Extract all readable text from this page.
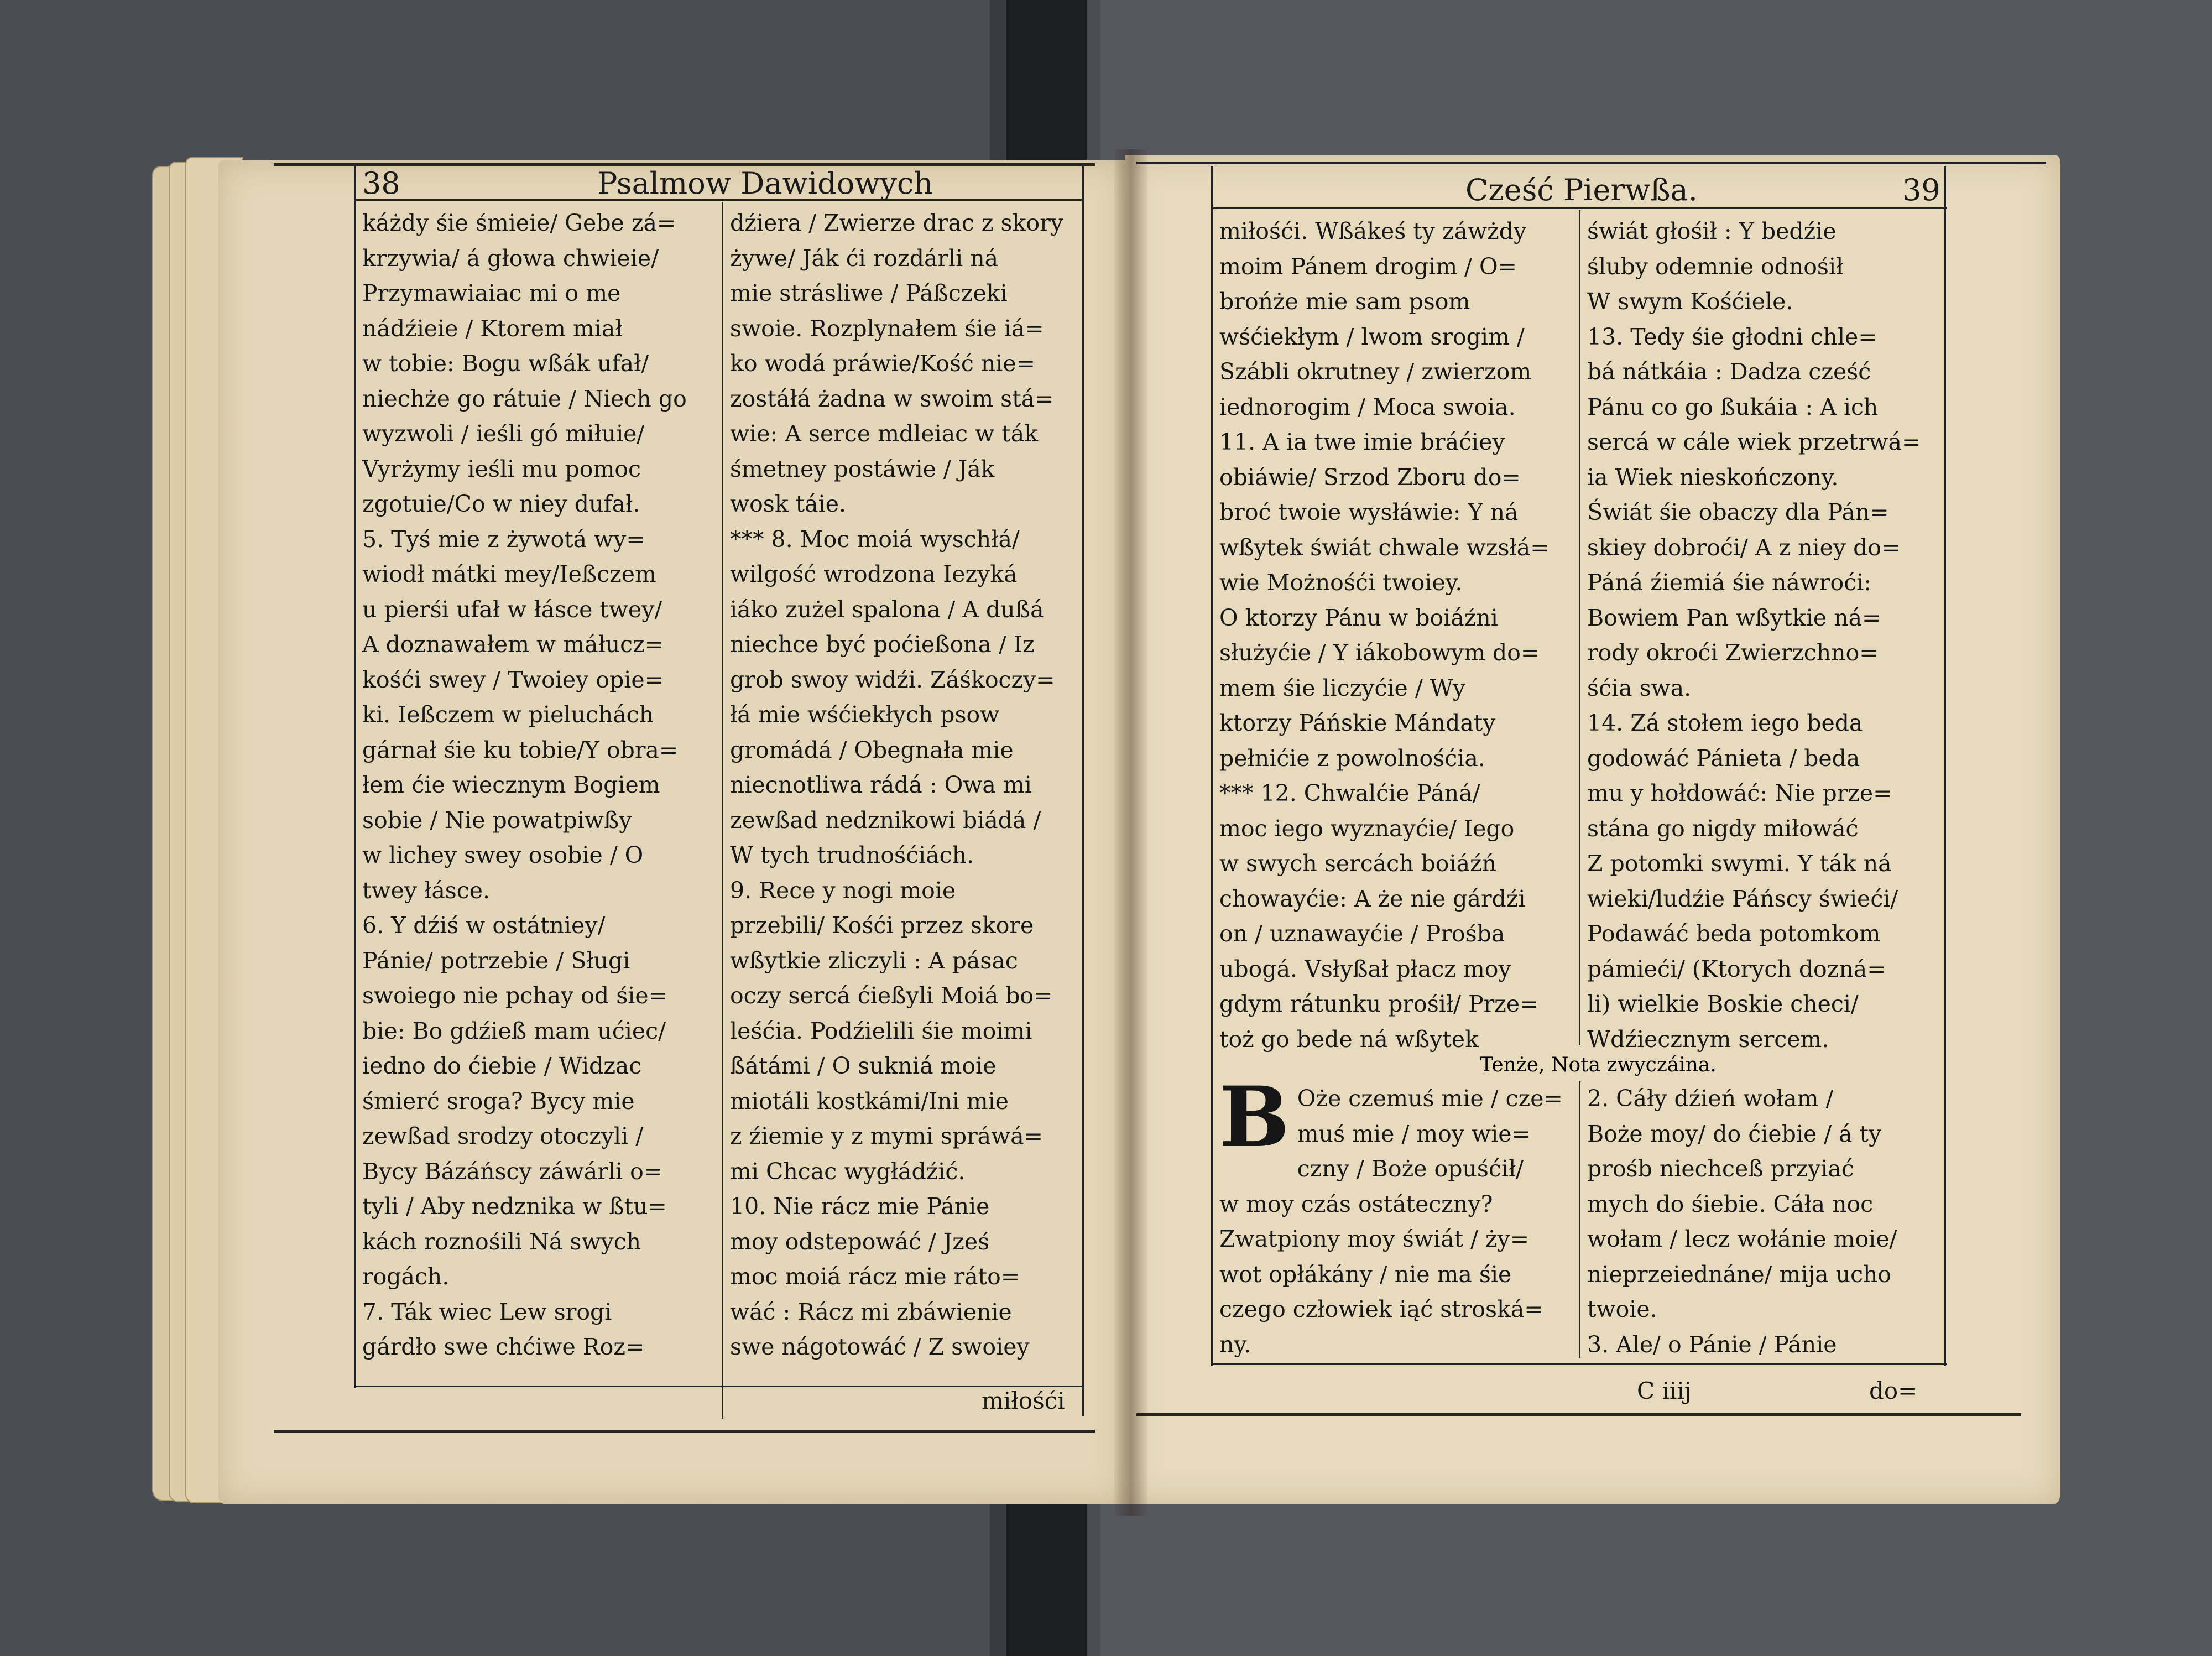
38	Psalmow Dawidowych
káżdy śie śmieie/ Gebe zá=
krzywia/ á głowa chwieie/
Przymawiaiac mi o me
nádźieie / Ktorem miał
w tobie: Bogu wßák ufał/
niechże go rátuie / Niech go
wyzwoli / ieśli gó miłuie/
Vyrżymy ieśli mu pomoc
zgotuie/Co w niey dufał.
5. Tyś mie z żywotá wy=
wiodł mátki mey/Ießczem
u pierśi ufał w łásce twey/
A doznawałem w máłucz=
kośći swey / Twoiey opie=
ki. Ießczem w pieluchách
gárnał śie ku tobie/Y obra=
łem ćie wiecznym Bogiem
sobie / Nie powatpiwßy
w lichey swey osobie / O
twey łásce.
6. Y dźiś w ostátniey/
Pánie/ potrzebie / Sługi
swoiego nie pchay od śie=
bie: Bo gdźieß mam ućiec/
iedno do ćiebie / Widzac
śmierć sroga? Bycy mie
zewßad srodzy otoczyli /
Bycy Bázáńscy záwárli o=
tyli / Aby nedznika w ßtu=
kách roznośili Ná swych
rogách.
7. Ták wiec Lew srogi
gárdło swe chćiwe Roz=
dźiera / Zwierze drac z skory
żywe/ Ják ći rozdárli ná
mie strásliwe / Páßczeki
swoie. Rozplynałem śie iá=
ko wodá práwie/Kość nie=
zostáłá żadna w swoim stá=
wie: A serce mdleiac w ták
śmetney postáwie / Ják
wosk táie.
*** 8. Moc moiá wyschłá/
wilgość wrodzona Iezyká
iáko zużel spalona / A dußá
niechce być poćießona / Iz
grob swoy widźi. Záśkoczy=
łá mie wśćiekłych psow
gromádá / Obegnała mie
niecnotliwa rádá : Owa mi
zewßad nedznikowi biádá /
W tych trudnośćiách.
9. Rece y nogi moie
przebili/ Kośći przez skore
wßytkie zliczyli : A pásac
oczy sercá ćießyli Moiá bo=
leśćia. Podźielili śie moimi
ßátámi / O sukniá moie
miotáli kostkámi/Ini mie
z źiemie y z mymi spráwá=
mi Chcac wygłádźić.
10. Nie rácz mie Pánie
moy odstepowáć / Jześ
moc moiá rácz mie ráto=
wáć : Rácz mi zbáwienie
swe nágotowáć / Z swoiey
miłośći
Cześć Pierwßa.	39
miłośći. Wßákeś ty záwżdy
moim Pánem drogim / O=
brońże mie sam psom
wśćiekłym / lwom srogim /
Szábli okrutney / zwierzom
iednorogim / Moca swoia.
11. A ia twe imie bráćiey
obiáwie/ Srzod Zboru do=
broć twoie wysłáwie: Y ná
wßytek świát chwale wzsłá=
wie Możnośći twoiey.
O ktorzy Pánu w boiáźni
służyćie / Y iákobowym do=
mem śie liczyćie / Wy
ktorzy Páńskie Mándaty
pełnićie z powolnośćia.
*** 12. Chwalćie Páná/
moc iego wyznayćie/ Iego
w swych sercách boiáźń
chowayćie: A że nie gárdźi
on / uznawayćie / Prośba
ubogá. Vsłyßał płacz moy
gdym rátunku prośił/ Prze=
toż go bede ná wßytek
świát głośił : Y bedźie
śluby odemnie odnośił
W swym Kośćiele.
13. Tedy śie głodni chle=
bá nátkáia : Dadza cześć
Pánu co go ßukáia : A ich
sercá w cále wiek przetrwá=
ia Wiek nieskończony.
Świát śie obaczy dla Pán=
skiey dobroći/ A z niey do=
Páná źiemiá śie náwroći:
Bowiem Pan wßytkie ná=
rody okroći Zwierzchno=
śćia swa.
14. Zá stołem iego beda
godowáć Pánieta / beda
mu y hołdowáć: Nie prze=
stána go nigdy miłowáć
Z potomki swymi. Y ták ná
wieki/ludźie Páńscy świeći/
Podawáć beda potomkom
pámieći/ (Ktorych dozná=
li) wielkie Boskie checi/
Wdźiecznym sercem.
Tenże, Nota zwyczáina.
B Oże czemuś mie / cze=
muś mie / moy wie=
czny / Boże opuśćił/
w moy czás ostáteczny?
Zwatpiony moy świát / ży=
wot opłákány / nie ma śie
czego człowiek iąć stroská=
ny.
2. Cáły dźień wołam /
Boże moy/ do ćiebie / á ty
prośb niechceß przyiać
mych do śiebie. Cáła noc
wołam / lecz wołánie moie/
nieprzeiednáne/ mija ucho
twoie.
3. Ale/ o Pánie / Pánie
C iiij	do=
